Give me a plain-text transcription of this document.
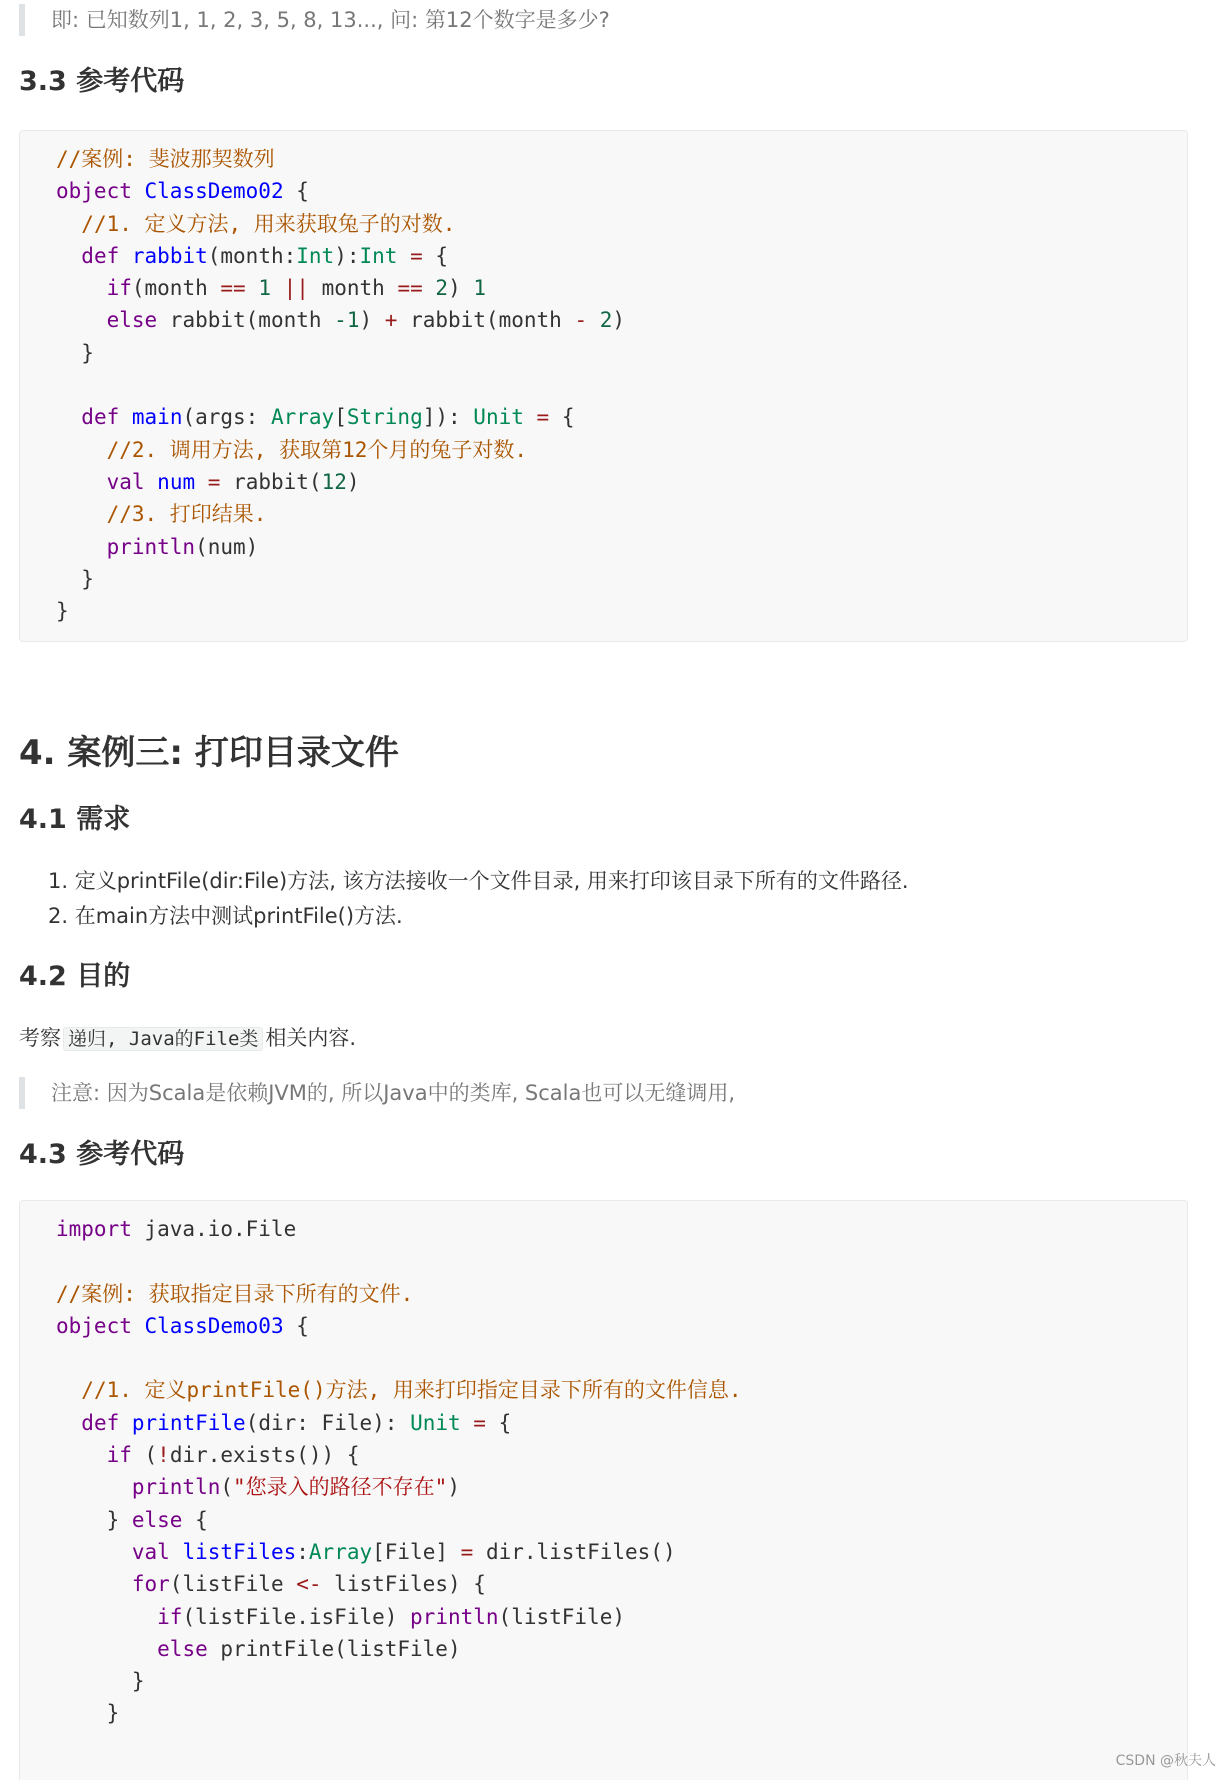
即: 已知数列1, 1, 2, 3, 5, 8, 13..., 问: 第12个数字是多少?
3.3 参考代码
//案例: 斐波那契数列
object ClassDemo02 {
//1. 定义方法, 用来获取兔子的对数.
def rabbit(month:Int):Int = {
if(month == 1 || month == 2) 1
else rabbit(month -1) + rabbit(month - 2)
}

def main(args: Array[String]): Unit = {
//2. 调用方法, 获取第12个月的兔子对数.
val num = rabbit(12)
//3. 打印结果.
println(num)
}
}
4. 案例三: 打印目录文件
4.1 需求
1. 定义printFile(dir:File)方法, 该方法接收一个文件目录, 用来打印该目录下所有的文件路径.
2. 在main方法中测试printFile()方法.
4.2 目的
考察 递归, Java的File类 相关内容.
注意: 因为Scala是依赖JVM的, 所以Java中的类库, Scala也可以无缝调用,
4.3 参考代码
import java.io.File

//案例: 获取指定目录下所有的文件.
object ClassDemo03 {

//1. 定义printFile()方法, 用来打印指定目录下所有的文件信息.
def printFile(dir: File): Unit = {
if (!dir.exists()) {
println("您录入的路径不存在")
} else {
val listFiles:Array[File] = dir.listFiles()
for(listFile <- listFiles) {
if(listFile.isFile) println(listFile)
else printFile(listFile)
}
}
CSDN @秋夫人
